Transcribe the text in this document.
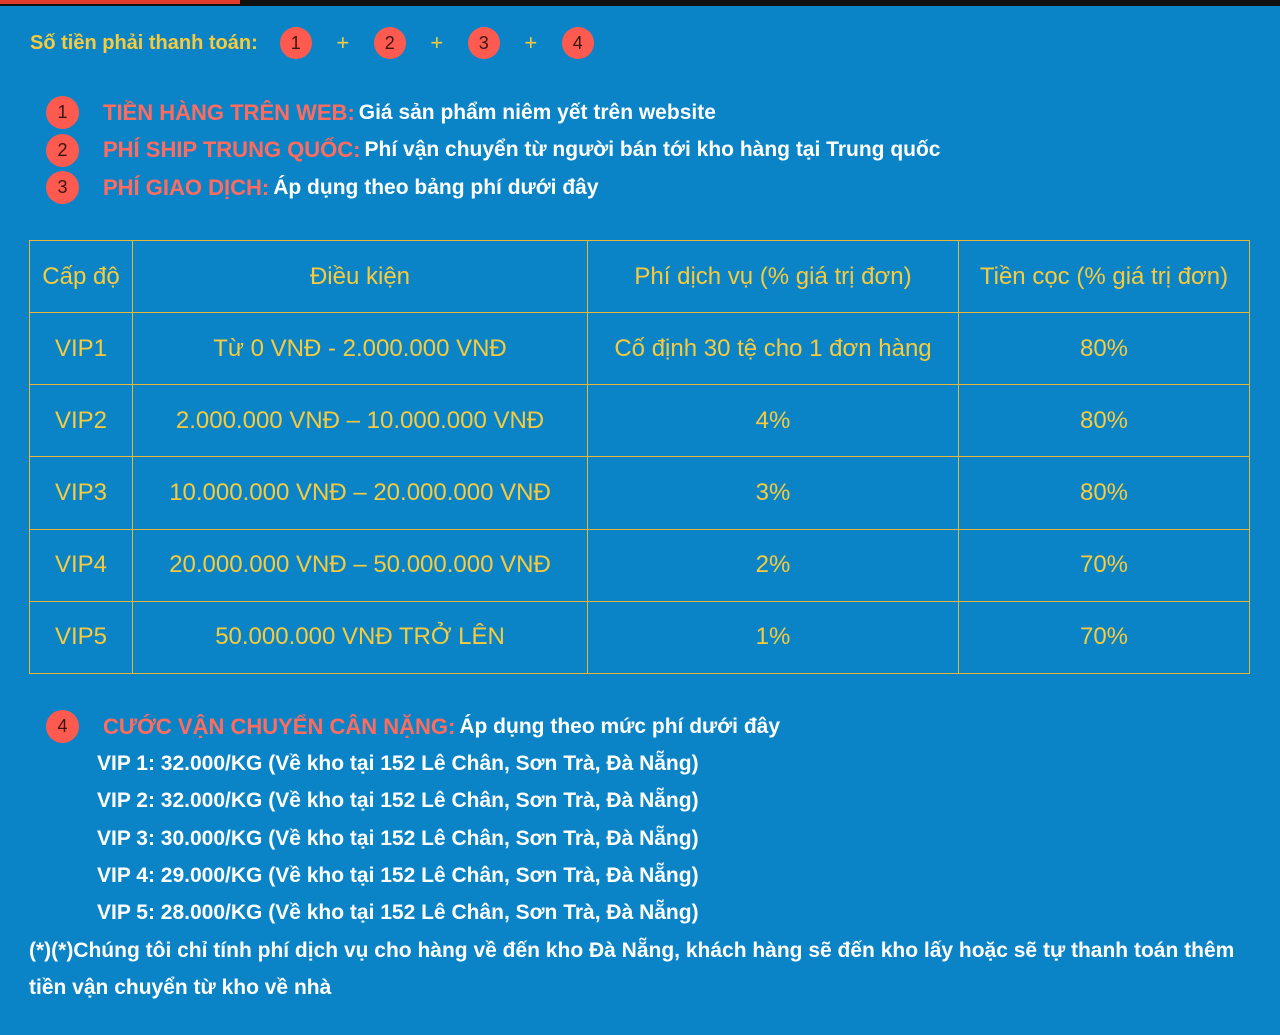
Số tiền phải thanh toán:	1	+	2	+	3	+	4
1	TIỀN HÀNG TRÊN WEB: Giá sản phẩm niêm yết trên website
2	PHÍ SHIP TRUNG QUỐC: Phí vận chuyển từ người bán tới kho hàng tại Trung quốc
3	PHÍ GIAO DỊCH: Áp dụng theo bảng phí dưới đây
Cấp độ	Điều kiện	Phí dịch vụ (% giá trị đơn)	Tiền cọc (% giá trị đơn)
VIP1	Từ 0 VNĐ - 2.000.000 VNĐ	Cố định 30 tệ cho 1 đơn hàng	80%
VIP2	2.000.000 VNĐ – 10.000.000 VNĐ	4%	80%
VIP3	10.000.000 VNĐ – 20.000.000 VNĐ	3%	80%
VIP4	20.000.000 VNĐ – 50.000.000 VNĐ	2%	70%
VIP5	50.000.000 VNĐ TRỞ LÊN	1%	70%
4	CƯỚC VẬN CHUYỂN CÂN NẶNG: Áp dụng theo mức phí dưới đây
VIP 1: 32.000/KG (Về kho tại 152 Lê Chân, Sơn Trà, Đà Nẵng)
VIP 2: 32.000/KG (Về kho tại 152 Lê Chân, Sơn Trà, Đà Nẵng)
VIP 3: 30.000/KG (Về kho tại 152 Lê Chân, Sơn Trà, Đà Nẵng)
VIP 4: 29.000/KG (Về kho tại 152 Lê Chân, Sơn Trà, Đà Nẵng)
VIP 5: 28.000/KG (Về kho tại 152 Lê Chân, Sơn Trà, Đà Nẵng)
(*)(*)Chúng tôi chỉ tính phí dịch vụ cho hàng về đến kho Đà Nẵng, khách hàng sẽ đến kho lấy hoặc sẽ tự thanh toán thêm tiền vận chuyển từ kho về nhà
